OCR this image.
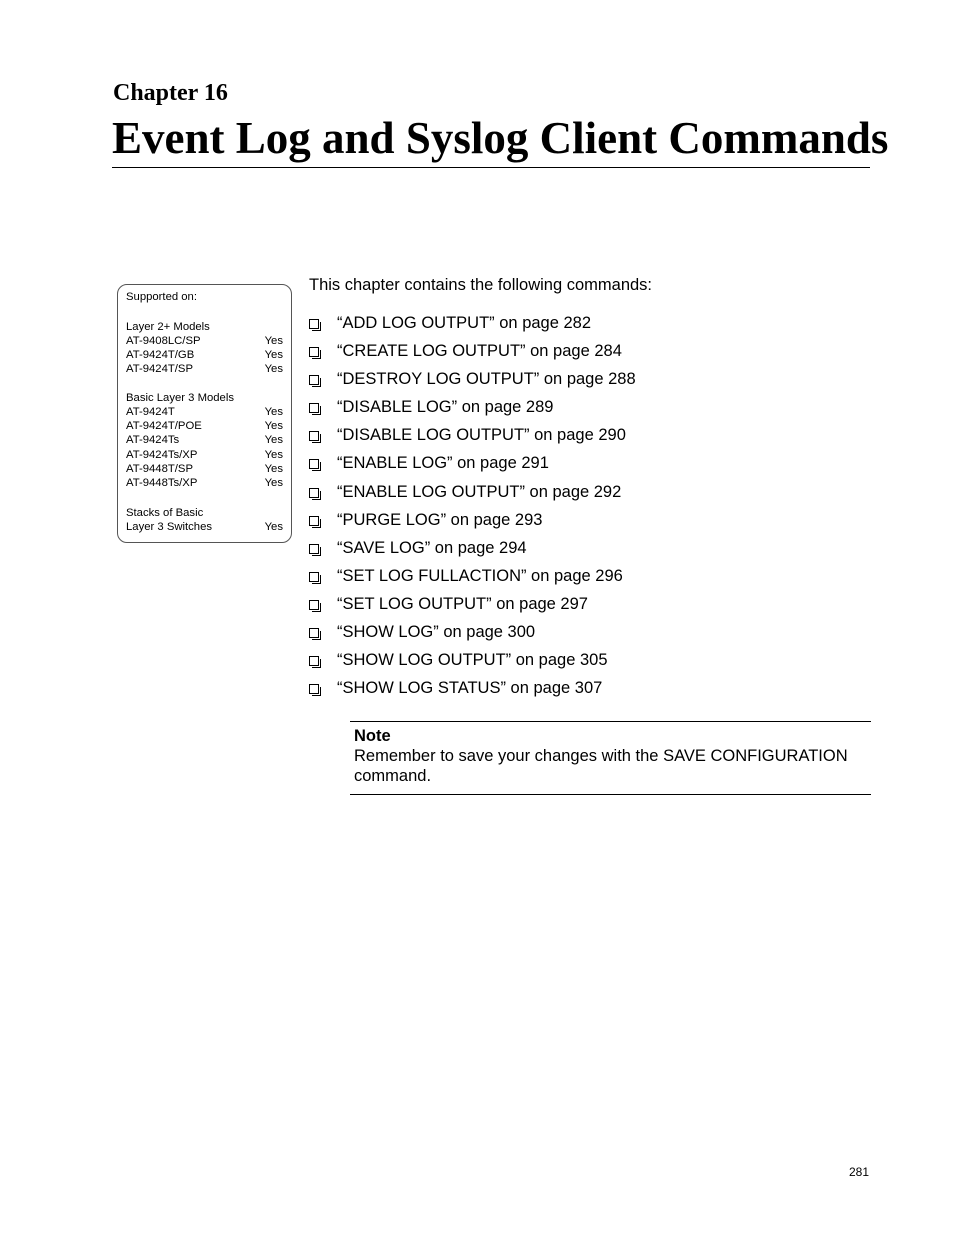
Chapter 16
Event Log and Syslog Client Commands
Supported on:
Layer 2+ Models
AT-9408LC/SP	Yes
AT-9424T/GB	Yes
AT-9424T/SP	Yes
Basic Layer 3 Models
AT-9424T	Yes
AT-9424T/POE	Yes
AT-9424Ts	Yes
AT-9424Ts/XP	Yes
AT-9448T/SP	Yes
AT-9448Ts/XP	Yes
Stacks of Basic
Layer 3 Switches	Yes
This chapter contains the following commands:
“ADD LOG OUTPUT” on page 282
“CREATE LOG OUTPUT” on page 284
“DESTROY LOG OUTPUT” on page 288
“DISABLE LOG” on page 289
“DISABLE LOG OUTPUT” on page 290
“ENABLE LOG” on page 291
“ENABLE LOG OUTPUT” on page 292
“PURGE LOG” on page 293
“SAVE LOG” on page 294
“SET LOG FULLACTION” on page 296
“SET LOG OUTPUT” on page 297
“SHOW LOG” on page 300
“SHOW LOG OUTPUT” on page 305
“SHOW LOG STATUS” on page 307
Note
Remember to save your changes with the SAVE CONFIGURATION command.
281
